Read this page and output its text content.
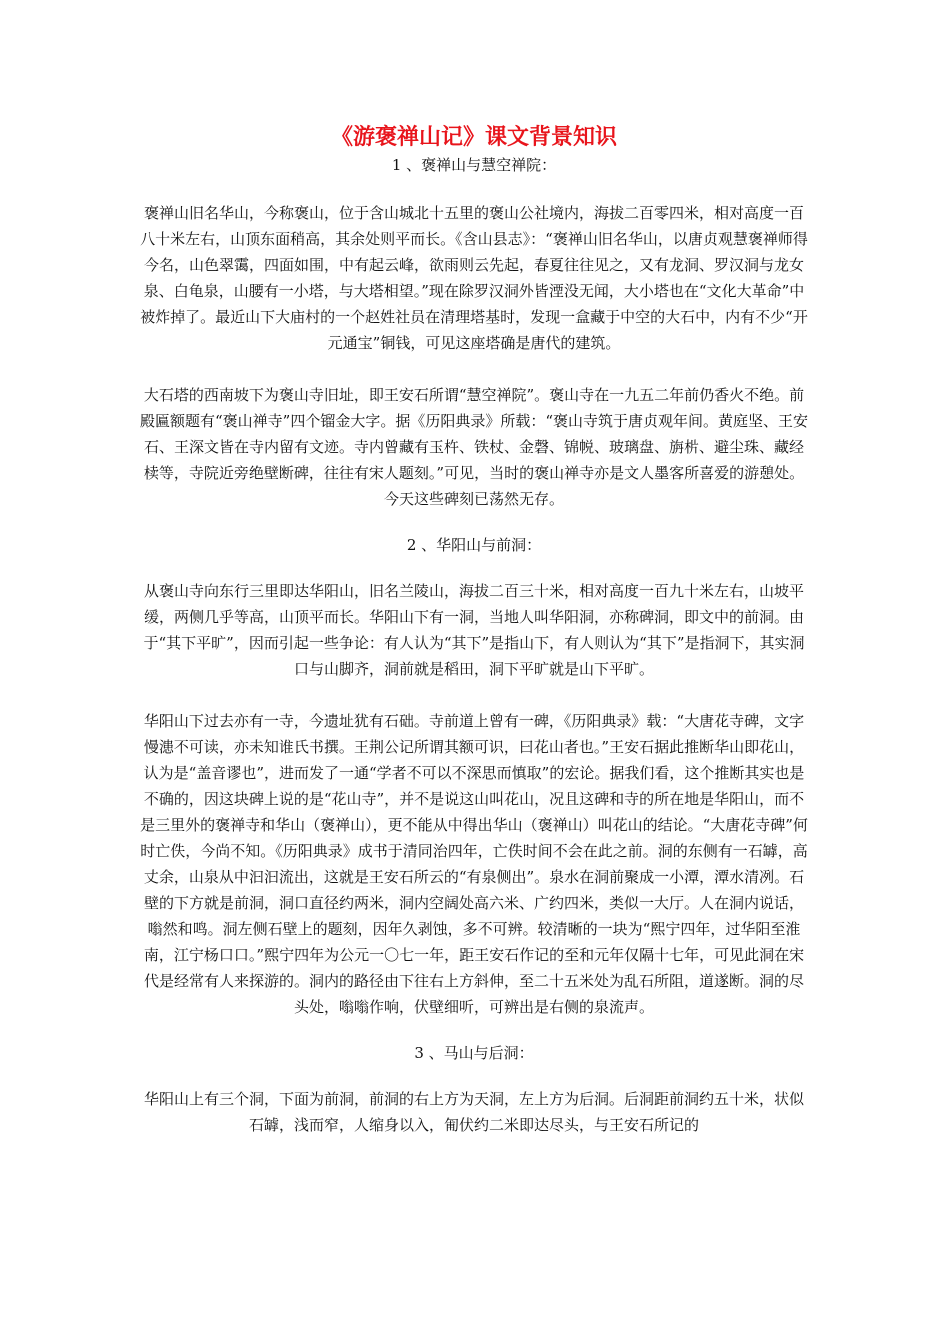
《游褒禅山记》课文背景知识

1 、褒禅山与慧空禅院：

褒禅山旧名华山，今称褒山，位于含山城北十五里的褒山公社境内，海拔二百零四米，相对高度一百八十米左右，山顶东面稍高，其余处则平而长。《含山县志》：“褒禅山旧名华山，以唐贞观慧褒禅师得今名，山色翠霭，四面如围，中有起云峰，欲雨则云先起，春夏往往见之，又有龙洞、罗汉洞与龙女泉、白龟泉，山腰有一小塔，与大塔相望。”现在除罗汉洞外皆湮没无闻，大小塔也在“文化大革命”中被炸掉了。最近山下大庙村的一个赵姓社员在清理塔基时，发现一盒藏于中空的大石中，内有不少“开元通宝”铜钱，可见这座塔确是唐代的建筑。

大石塔的西南坡下为褒山寺旧址，即王安石所谓“慧空禅院”。褒山寺在一九五二年前仍香火不绝。前殿匾额题有“褒山禅寺”四个镏金大字。据《历阳典录》所载：“褒山寺筑于唐贞观年间。黄庭坚、王安石、王深文皆在寺内留有文迹。寺内曾藏有玉杵、铁杖、金磬、锦帨、玻璃盘、旃㭊、避尘珠、藏经椟等，寺院近旁绝壁断碑，往往有宋人题刻。”可见，当时的褒山禅寺亦是文人墨客所喜爱的游憩处。今天这些碑刻已荡然无存。

2 、华阳山与前洞：

从褒山寺向东行三里即达华阳山，旧名兰陵山，海拔二百三十米，相对高度一百九十米左右，山坡平缓，两侧几乎等高，山顶平而长。华阳山下有一洞，当地人叫华阳洞，亦称碑洞，即文中的前洞。由于“其下平旷”，因而引起一些争论：有人认为“其下”是指山下，有人则认为“其下”是指洞下，其实洞口与山脚齐，洞前就是稻田，洞下平旷就是山下平旷。

华阳山下过去亦有一寺，今遗址犹有石础。寺前道上曾有一碑，《历阳典录》载：“大唐花寺碑，文字慢漶不可读，亦未知谁氏书撰。王荆公记所谓其额可识，曰花山者也。”王安石据此推断华山即花山，认为是“盖音谬也”，进而发了一通“学者不可以不深思而慎取”的宏论。据我们看，这个推断其实也是不确的，因这块碑上说的是“花山寺”，并不是说这山叫花山，况且这碑和寺的所在地是华阳山，而不是三里外的褒禅寺和华山（褒禅山），更不能从中得出华山（褒禅山）叫花山的结论。“大唐花寺碑”何时亡佚，今尚不知。《历阳典录》成书于清同治四年，亡佚时间不会在此之前。洞的东侧有一石罅，高丈余，山泉从中汩汩流出，这就是王安石所云的“有泉侧出”。泉水在洞前聚成一小潭，潭水清冽。石壁的下方就是前洞，洞口直径约两米，洞内空阔处高六米、广约四米，类似一大厅。人在洞内说话，嗡然和鸣。洞左侧石壁上的题刻，因年久剥蚀，多不可辨。较清晰的一块为“熙宁四年，过华阳至淮南，江宁杨口口。”熙宁四年为公元一〇七一年，距王安石作记的至和元年仅隔十七年，可见此洞在宋代是经常有人来探游的。洞内的路径由下往右上方斜伸，至二十五米处为乱石所阻，道遂断。洞的尽头处，嗡嗡作响，伏壁细听，可辨出是右侧的泉流声。

3 、马山与后洞：

华阳山上有三个洞，下面为前洞，前洞的右上方为天洞，左上方为后洞。后洞距前洞约五十米，状似石罅，浅而窄，人缩身以入，匍伏约二米即达尽头，与王安石所记的
